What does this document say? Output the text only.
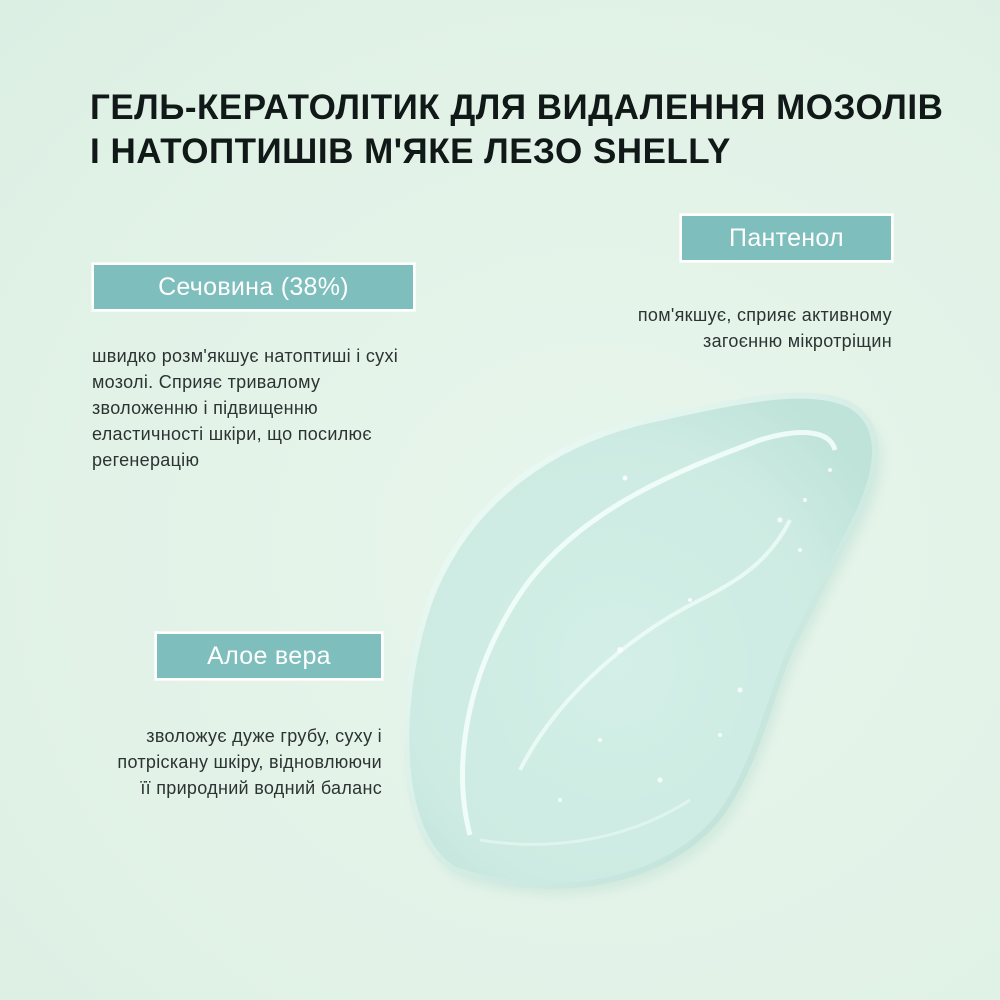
ГЕЛЬ-КЕРАТОЛІТИК ДЛЯ ВИДАЛЕННЯ МОЗОЛІВ
І НАТОПТИШІВ М'ЯКЕ ЛЕЗО SHELLY
Сечовина (38%)

швидко розм'якшує натоптиші і сухі
мозолі. Сприяє тривалому
зволоженню і підвищенню
еластичності шкіри, що посилює
регенерацію

Пантенол

пом'якшує, сприяє активному
загоєнню мікротріщин

Алое вера

зволожує дуже грубу, суху і
потріскану шкіру, відновлюючи
її природний водний баланс
